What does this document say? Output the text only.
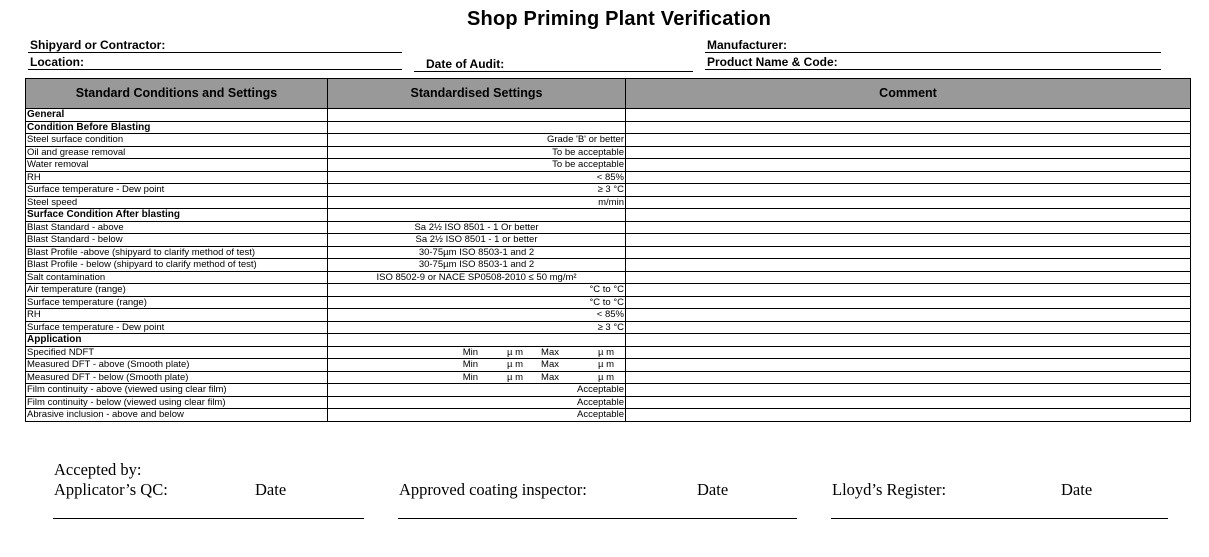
Shop Priming Plant Verification
Shipyard or Contractor:
Location:	Date of Audit:
Manufacturer:
Product Name & Code:
Standard Conditions and Settings	Standardised Settings	Comment
General		
Condition Before Blasting		
Steel surface condition	Grade 'B' or better	
Oil and grease removal	To be acceptable	
Water removal	To be acceptable	
RH	< 85%	
Surface temperature - Dew point	≥ 3 °C	
Steel speed	m/min	
Surface Condition After blasting		
Blast Standard - above	Sa 2½ ISO 8501 - 1 Or better	
Blast Standard - below	Sa 2½ ISO 8501 - 1 or better	
Blast Profile -above (shipyard to clarify method of test)	30-75µm ISO 8503-1 and 2	
Blast Profile - below (shipyard to clarify method of test)	30-75µm ISO 8503-1 and 2	
Salt contamination	ISO 8502-9 or NACE SP0508-2010 ≤ 50 mg/m²	
Air temperature (range)	°C to °C	
Surface temperature (range)	°C to °C	
RH	< 85%	
Surface temperature - Dew point	≥ 3 °C	
Application		
Specified NDFT	Min µ m Max µ m	

Measured DFT - above (Smooth plate)	Min µ m Max µ m	

Measured DFT - below (Smooth plate)	Min µ m Max µ m	

Film continuity - above (viewed using clear film)	Acceptable	
Film continuity - below (viewed using clear film)	Acceptable	
Abrasive inclusion - above and below	Acceptable	
Accepted by:
Applicator’s QC:	Date	Approved coating inspector:	Date	Lloyd’s Register:	Date
